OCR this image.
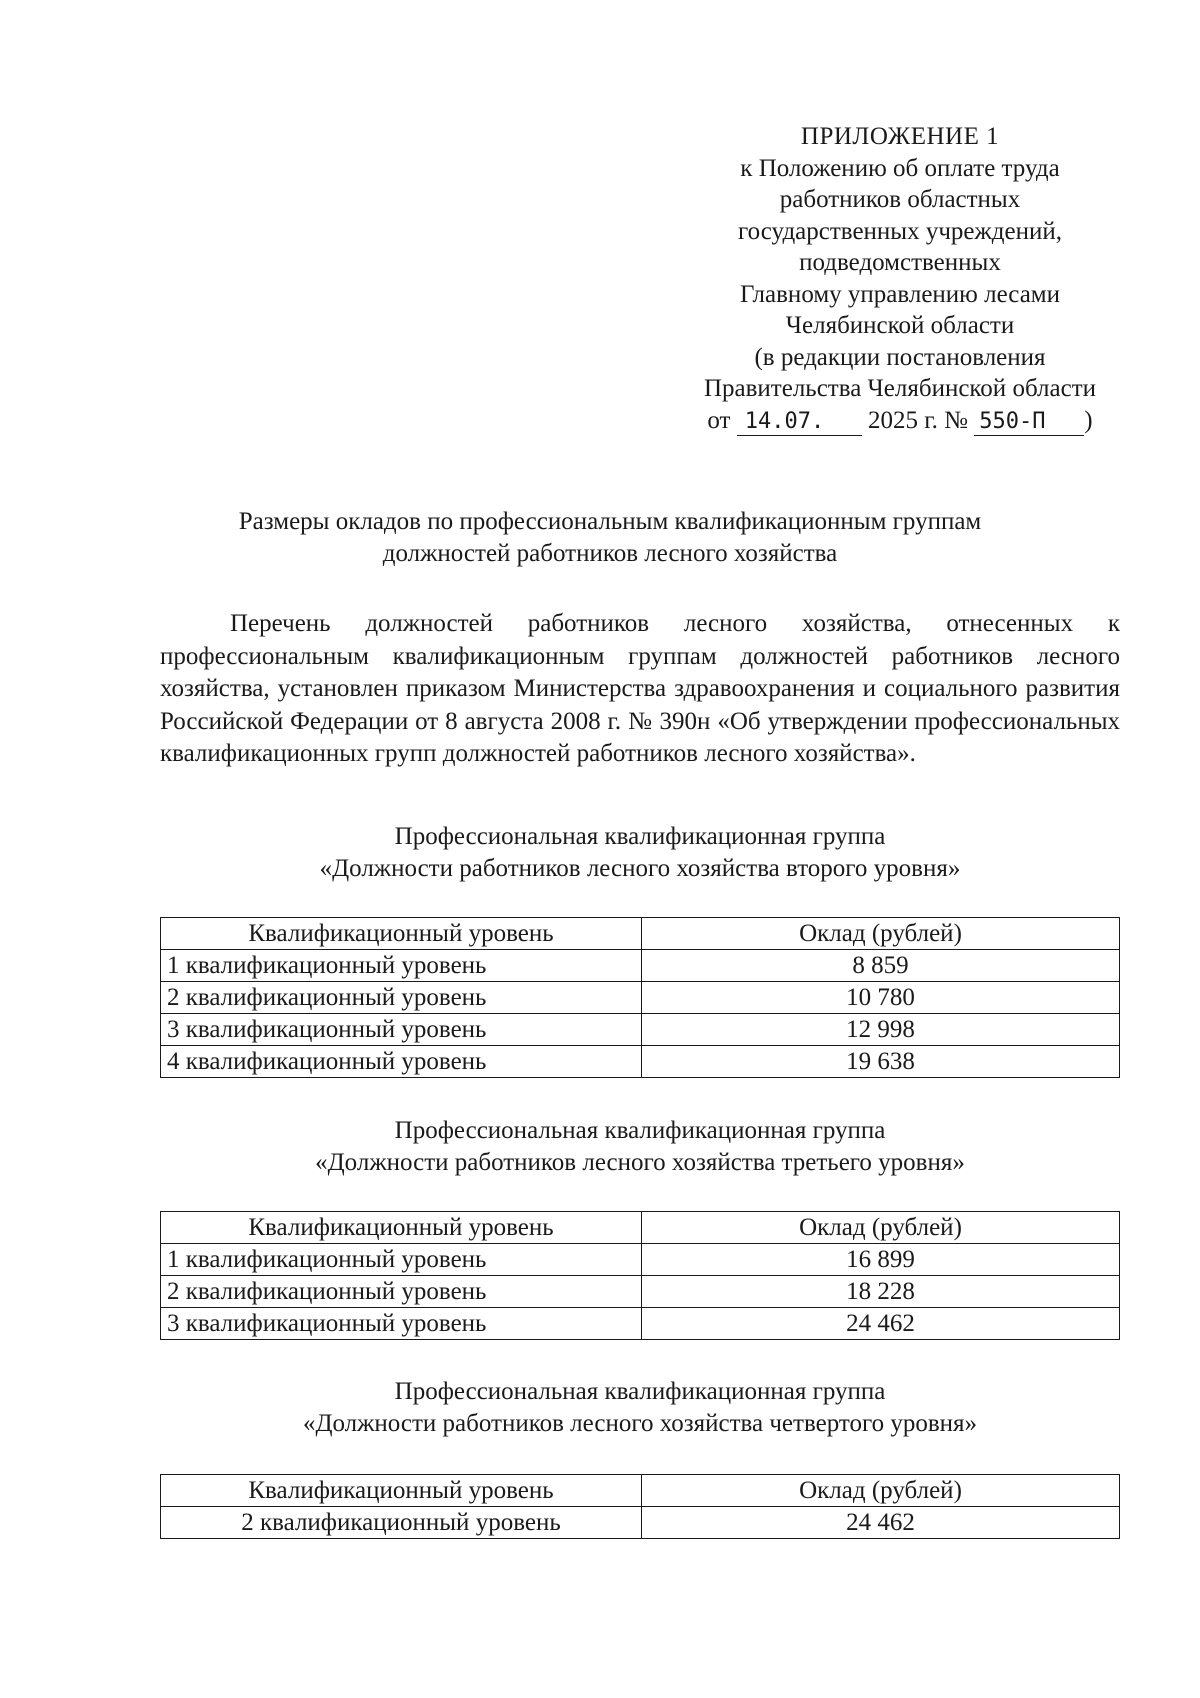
ПРИЛОЖЕНИЕ 1
к Положению об оплате труда
работников областных
государственных учреждений,
подведомственных
Главному управлению лесами
Челябинской области
(в редакции постановления
Правительства Челябинской области
от 14.07. 2025 г. № 550-П )
Размеры окладов по профессиональным квалификационным группам
должностей работников лесного хозяйства
Перечень должностей работников лесного хозяйства, отнесенных к профессиональным квалификационным группам должностей работников лесного хозяйства, установлен приказом Министерства здравоохранения и социального развития Российской Федерации от 8 августа 2008 г. № 390н «Об утверждении профессиональных квалификационных групп должностей работников лесного хозяйства».
Профессиональная квалификационная группа
«Должности работников лесного хозяйства второго уровня»
Квалификационный уровень	Оклад (рублей)
1 квалификационный уровень	8 859
2 квалификационный уровень	10 780
3 квалификационный уровень	12 998
4 квалификационный уровень	19 638
Профессиональная квалификационная группа
«Должности работников лесного хозяйства третьего уровня»
Квалификационный уровень	Оклад (рублей)
1 квалификационный уровень	16 899
2 квалификационный уровень	18 228
3 квалификационный уровень	24 462
Профессиональная квалификационная группа
«Должности работников лесного хозяйства четвертого уровня»
Квалификационный уровень	Оклад (рублей)
2 квалификационный уровень	24 462
